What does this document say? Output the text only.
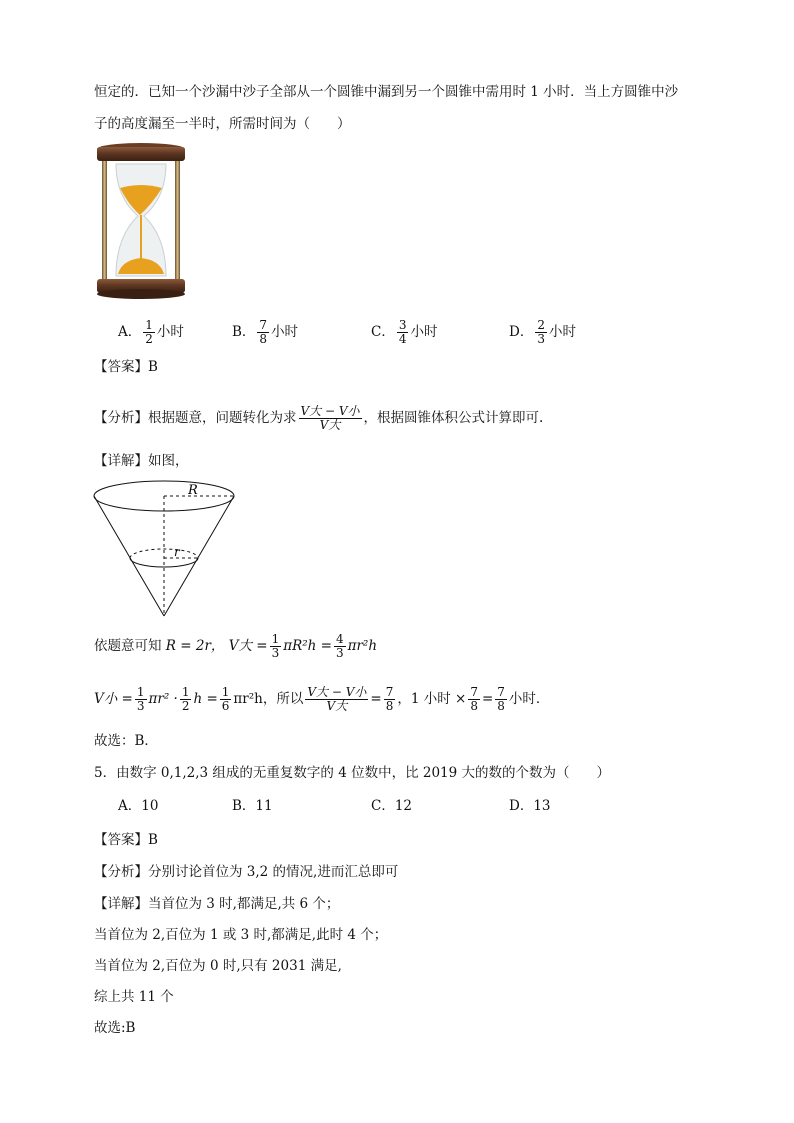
恒定的．已知一个沙漏中沙子全部从一个圆锥中漏到另一个圆锥中需用时 1 小时．当上方圆锥中沙
子的高度漏至一半时，所需时间为（　　）
A． $\frac{1}{2}$ 小时	B． $\frac{7}{8}$ 小时	C． $\frac{3}{4}$ 小时	D． $\frac{2}{3}$ 小时
【答案】B
【分析】根据题意，问题转化为求 $\frac{\text{V大 − V小}}{\text{V大}}$ ，根据圆锥体积公式计算即可.
【详解】如图，
R
r
依题意可知 R = 2r， V大 = $\frac{1}{3} \pi R^2h = \frac{4}{3} \pi r^2h$
V小 = $\frac{1}{3} \pi r^2 \cdot \frac{1}{2}$ $h = \frac{1}{6} \pi r^2h$，所以 $\frac{\text{V大 − V小}}{\text{V大}} = \frac{7}{8}$ ，1 小时 × $\frac{7}{8} = \frac{7}{8}$ 小时．
故选：B．
5．由数字 0,1,2,3 组成的无重复数字的 4 位数中，比 2019 大的数的个数为（　　）
A．10	B．11	C．12	D．13
【答案】B
【分析】分别讨论首位为 3,2 的情况,进而汇总即可
【详解】当首位为 3 时,都满足,共 6 个；
当首位为 2,百位为 1 或 3 时,都满足,此时 4 个；
当首位为 2,百位为 0 时,只有 2031 满足,
综上共 11 个
故选:B
